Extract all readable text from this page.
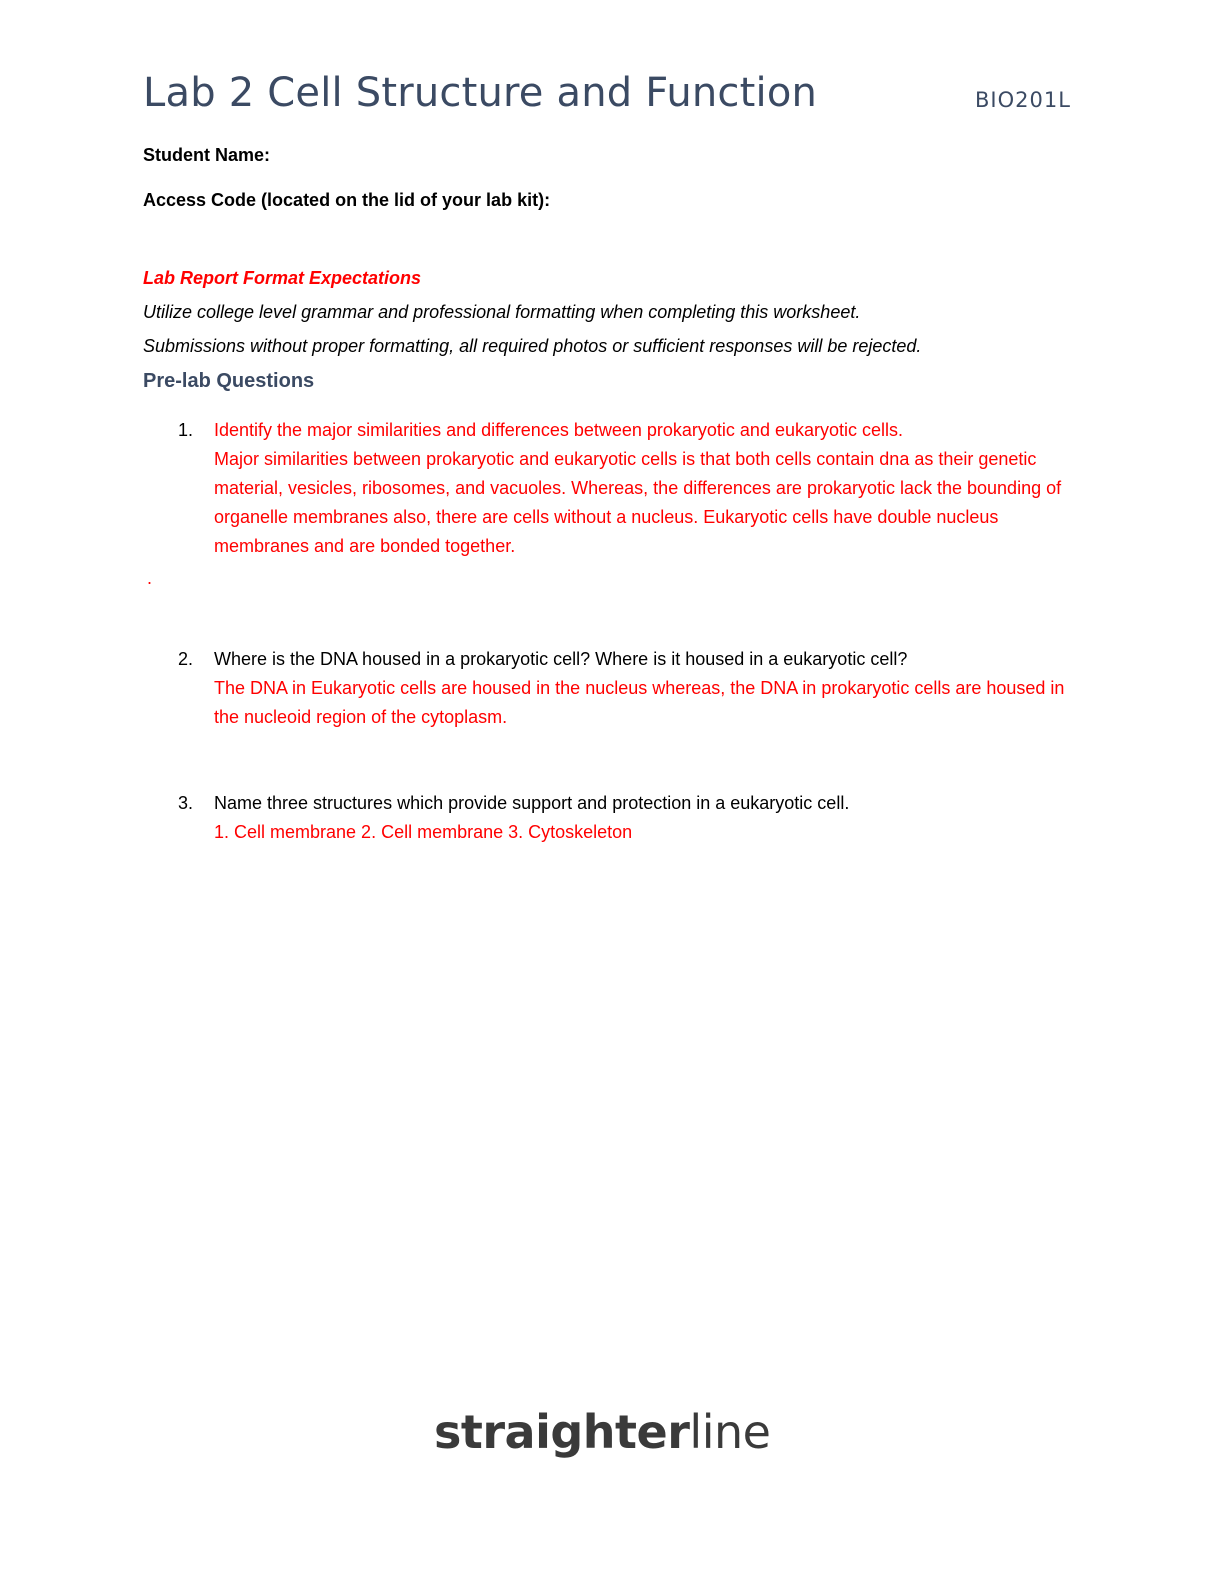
Lab 2 Cell Structure and Function	BIO201L
Student Name:
Access Code (located on the lid of your lab kit):
Lab Report Format Expectations
Utilize college level grammar and professional formatting when completing this worksheet.
Submissions without proper formatting, all required photos or sufficient responses will be rejected.
Pre-lab Questions
1. Identify the major similarities and differences between prokaryotic and eukaryotic cells.
Major similarities between prokaryotic and eukaryotic cells is that both cells contain dna as their genetic material, vesicles, ribosomes, and vacuoles. Whereas, the differences are prokaryotic lack the bounding of organelle membranes also, there are cells without a nucleus. Eukaryotic cells have double nucleus membranes and are bonded together.
.
2. Where is the DNA housed in a prokaryotic cell? Where is it housed in a eukaryotic cell?
The DNA in Eukaryotic cells are housed in the nucleus whereas, the DNA in prokaryotic cells are housed in the nucleoid region of the cytoplasm.
3. Name three structures which provide support and protection in a eukaryotic cell.
1. Cell membrane 2. Cell membrane 3. Cytoskeleton
straighterline
